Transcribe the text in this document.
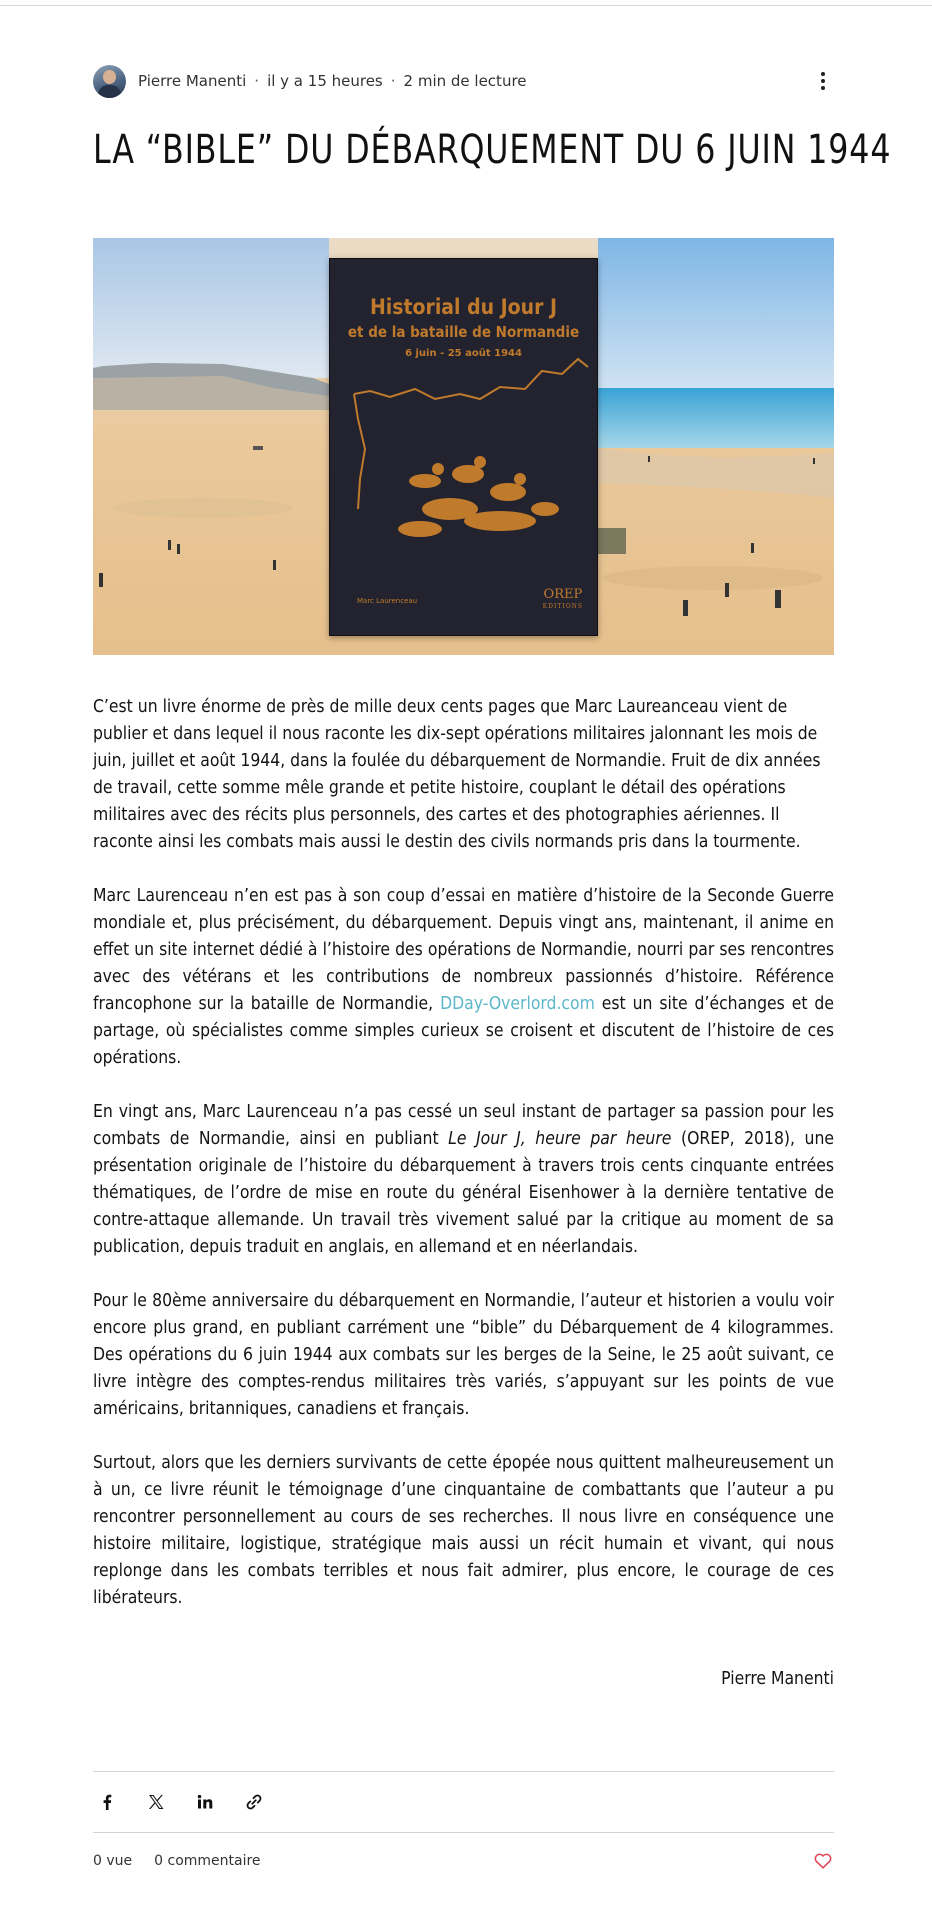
Pierre Manenti · il y a 15 heures · 2 min de lecture
LA “BIBLE” DU DÉBARQUEMENT DU 6 JUIN 1944
Historial du Jour J
et de la bataille de Normandie
6 juin - 25 août 1944
Marc Laurenceau	OREP
EDITIONS

C’est un livre énorme de près de mille deux cents pages que Marc Laureanceau vient de publier et dans lequel il nous raconte les dix-sept opérations militaires jalonnant les mois de juin, juillet et août 1944, dans la foulée du débarquement de Normandie. Fruit de dix années de travail, cette somme mêle grande et petite histoire, couplant le détail des opérations militaires avec des récits plus personnels, des cartes et des photographies aériennes. Il raconte ainsi les combats mais aussi le destin des civils normands pris dans la tourmente.

Marc Laurenceau n’en est pas à son coup d’essai en matière d’histoire de la Seconde Guerre mondiale et, plus précisément, du débarquement. Depuis vingt ans, maintenant, il anime en effet un site internet dédié à l’histoire des opérations de Normandie, nourri par ses rencontres avec des vétérans et les contributions de nombreux passionnés d’histoire. Référence francophone sur la bataille de Normandie, DDay-Overlord.com est un site d’échanges et de partage, où spécialistes comme simples curieux se croisent et discutent de l’histoire de ces opérations.

En vingt ans, Marc Laurenceau n’a pas cessé un seul instant de partager sa passion pour les combats de Normandie, ainsi en publiant Le Jour J, heure par heure (OREP, 2018), une présentation originale de l’histoire du débarquement à travers trois cents cinquante entrées thématiques, de l’ordre de mise en route du général Eisenhower à la dernière tentative de contre-attaque allemande. Un travail très vivement salué par la critique au moment de sa publication, depuis traduit en anglais, en allemand et en néerlandais.

Pour le 80ème anniversaire du débarquement en Normandie, l’auteur et historien a voulu voir encore plus grand, en publiant carrément une “bible” du Débarquement de 4 kilogrammes. Des opérations du 6 juin 1944 aux combats sur les berges de la Seine, le 25 août suivant, ce livre intègre des comptes-rendus militaires très variés, s’appuyant sur les points de vue américains, britanniques, canadiens et français.

Surtout, alors que les derniers survivants de cette épopée nous quittent malheureusement un à un, ce livre réunit le témoignage d’une cinquantaine de combattants que l’auteur a pu rencontrer personnellement au cours de ses recherches. Il nous livre en conséquence une histoire militaire, logistique, stratégique mais aussi un récit humain et vivant, qui nous replonge dans les combats terribles et nous fait admirer, plus encore, le courage de ces libérateurs.

Pierre Manenti

0 vue 0 commentaire
